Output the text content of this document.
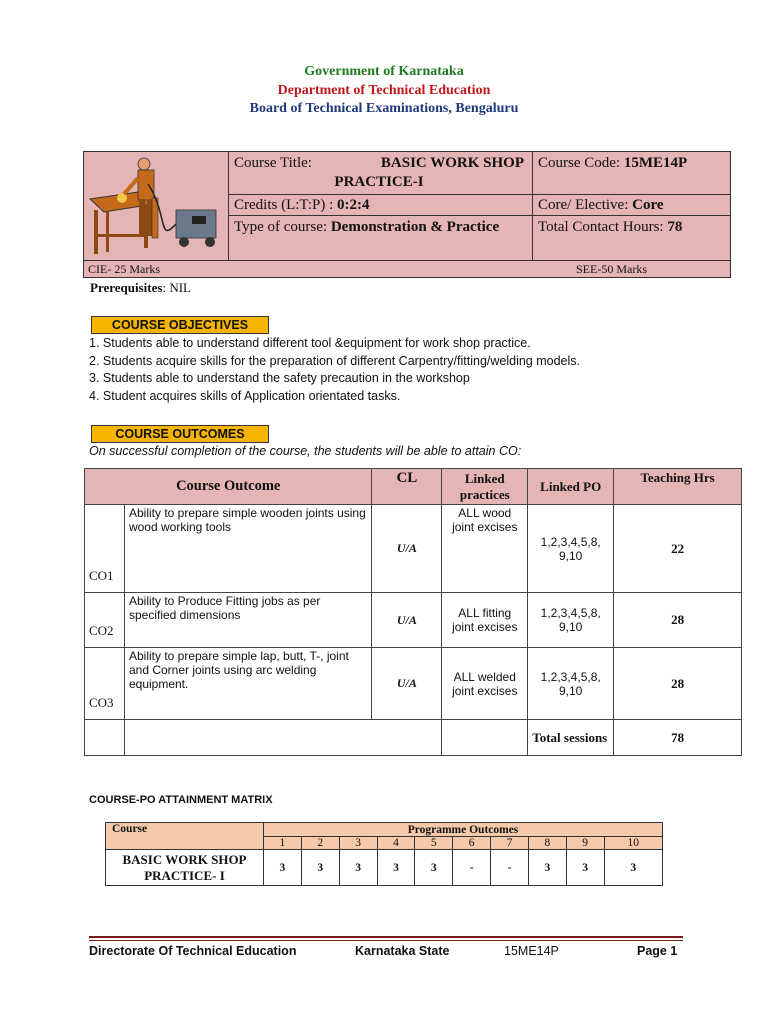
Government of Karnataka
Department of Technical Education
Board of Technical Examinations, Bengaluru
Course Title:	BASIC WORK SHOP
PRACTICE-I
Course Code: 15ME14P
Credits (L:T:P) : 0:2:4	Core/ Elective: Core
Type of course: Demonstration & Practice	Total Contact Hours: 78
CIE- 25 Marks	SEE-50 Marks
Prerequisites: NIL
COURSE OBJECTIVES
1. Students able to understand different tool &equipment for work shop practice.
2. Students acquire skills for the preparation of different Carpentry/fitting/welding models.
3. Students able to understand the safety precaution in the workshop
4. Student acquires skills of Application orientated tasks.
COURSE OUTCOMES
On successful completion of the course, the students will be able to attain CO:
Course Outcome		CL	Linked practices	Linked PO	Teaching Hrs
CO1	Ability to prepare simple wooden joints using wood working tools	U/A	ALL wood joint excises	1,2,3,4,5,8, 9,10	22
CO2	Ability to Produce Fitting jobs as per specified dimensions	U/A	ALL fitting joint excises	1,2,3,4,5,8, 9,10	28
CO3	Ability to prepare simple lap, butt, T-, joint and Corner joints using arc welding equipment.	U/A	ALL welded joint excises	1,2,3,4,5,8, 9,10	28
				Total sessions	78
COURSE-PO ATTAINMENT MATRIX
Course	Programme Outcomes									
	1	2	3	4	5	6	7	8	9	10
BASIC WORK SHOP PRACTICE- I	3	3	3	3	3	-	-	3	3	3
Directorate Of Technical Education	Karnataka State	15ME14P	Page 1
